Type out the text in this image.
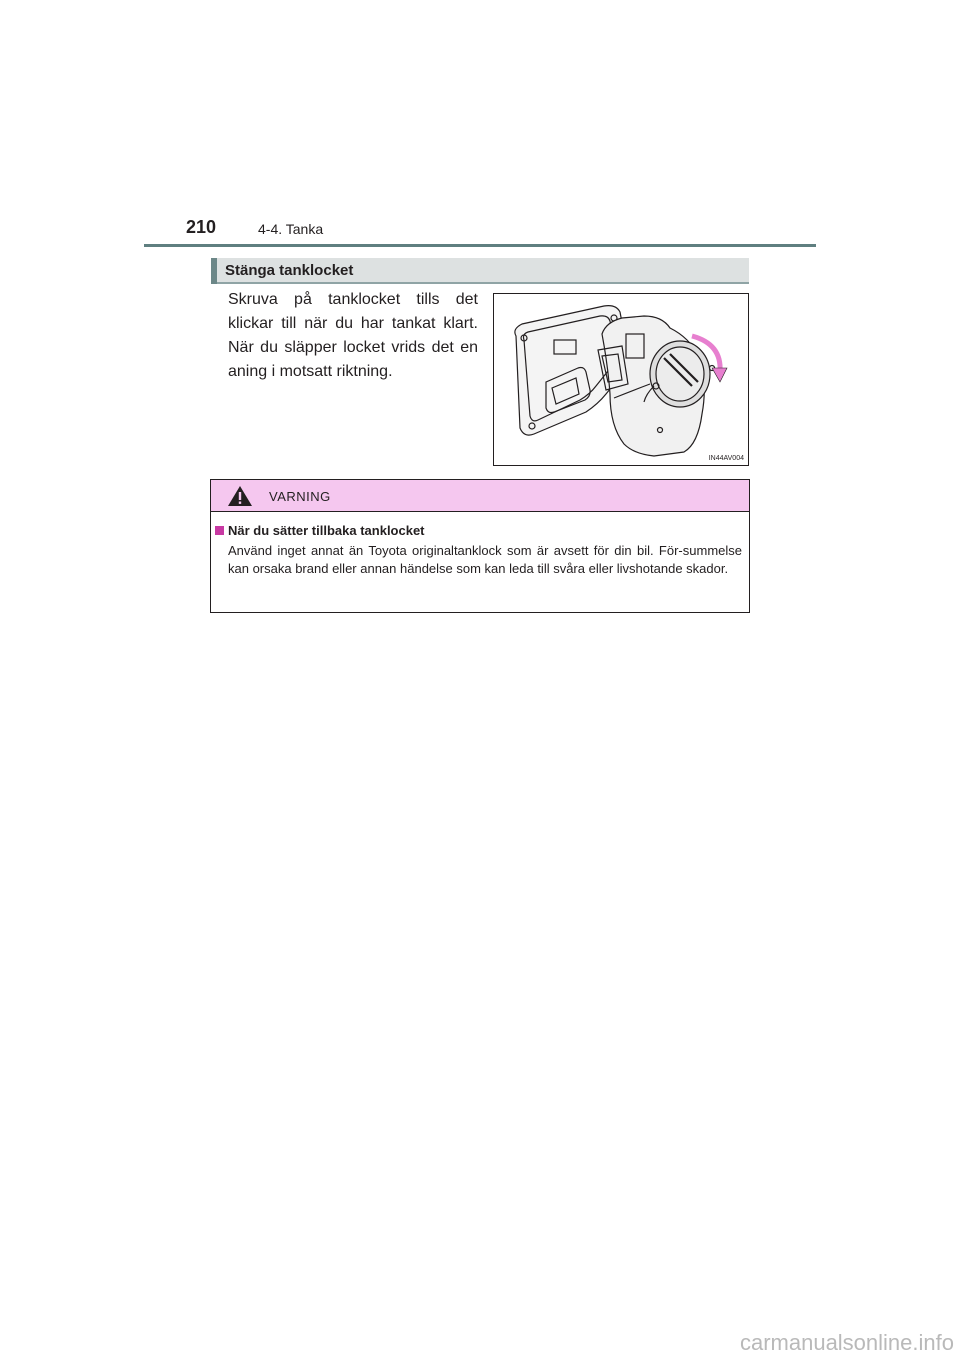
210	4-4. Tanka
Stänga tanklocket
Skruva på tanklocket tills det klickar till när du har tankat klart. När du släpper locket vrids det en aning i motsatt riktning.
IN44AV004
VARNING
När du sätter tillbaka tanklocket
Använd inget annat än Toyota originaltanklock som är avsett för din bil. För-summelse kan orsaka brand eller annan händelse som kan leda till svåra eller livshotande skador.
carmanualsonline.info
